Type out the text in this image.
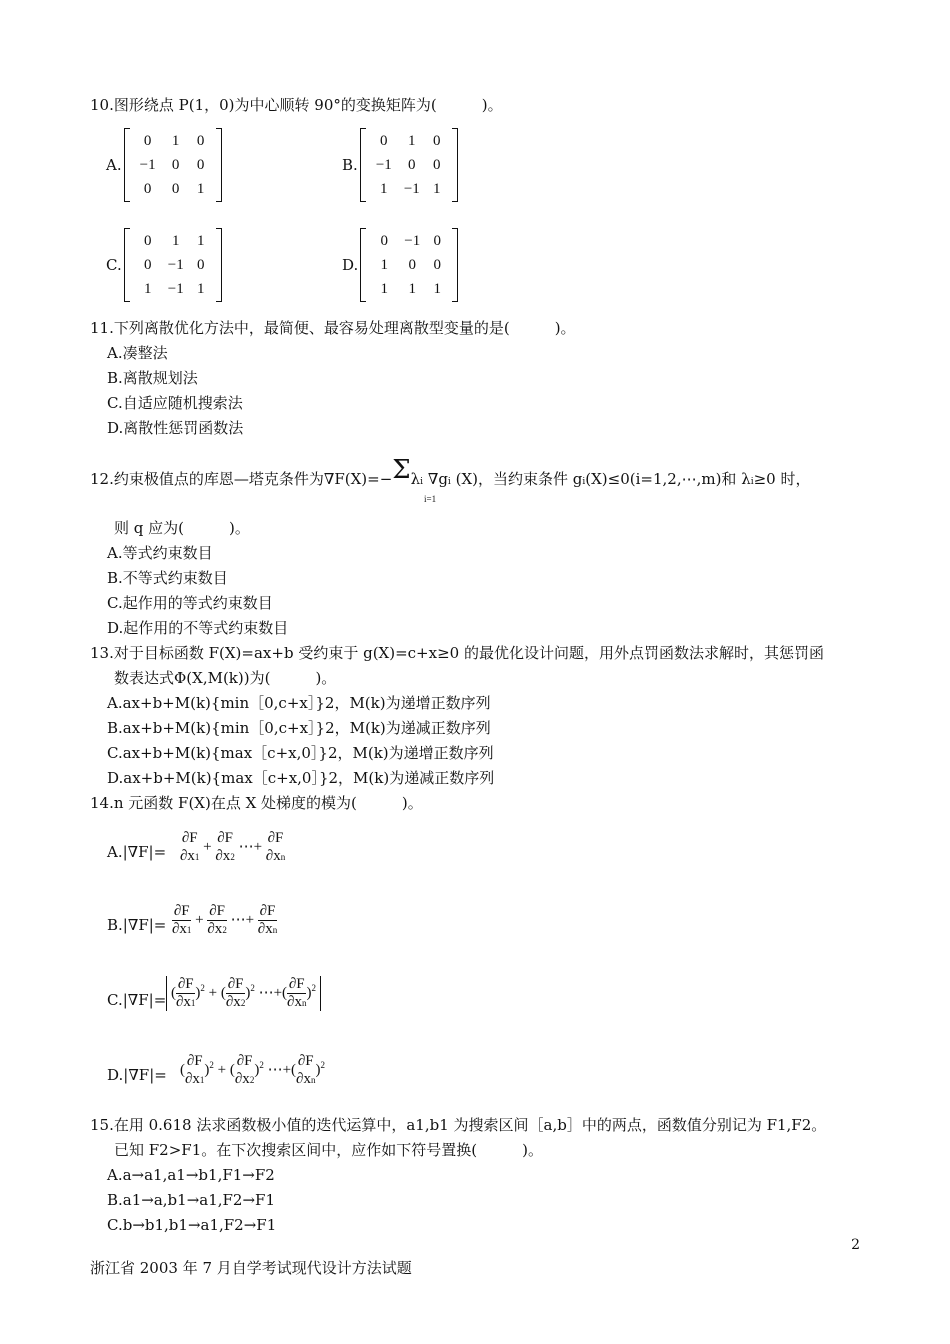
10.图形绕点 P(1，0)为中心顺转 90°的变换矩阵为(　　　)。
A.
0	1	0
−1	0	0
0	0	1
B.
0	1	0
−1	0	0
1	−1 1
C.
0	1	1
0	−1 0
1	−1 1
D.
0	−1 0
1	0	0
1	1	1
11.下列离散优化方法中，最简便、最容易处理离散型变量的是(　　　)。
A.凑整法
B.离散规划法
C.自适应随机搜索法
D.离散性惩罚函数法
12.约束极值点的库恩—塔克条件为∇F(X)=−Σλi ∇gi (X)，当约束条件 gi(X)≤0(i=1,2,⋯,m)和 λi≥0 时，
i=1
则 q 应为(　　　)。
A.等式约束数目
B.不等式约束数目
C.起作用的等式约束数目
D.起作用的不等式约束数目
13.对于目标函数 F(X)=ax+b 受约束于 g(X)=c+x≥0 的最优化设计问题，用外点罚函数法求解时，其惩罚函
数表达式Φ(X,M(k))为(　　　)。
A.ax+b+M(k){min［0,c+x］}2，M(k)为递增正数序列
B.ax+b+M(k){min［0,c+x］}2，M(k)为递减正数序列
C.ax+b+M(k){max［c+x,0］}2，M(k)为递增正数序列
D.ax+b+M(k){max［c+x,0］}2，M(k)为递减正数序列
14.n 元函数 F(X)在点 X 处梯度的模为(　　　)。
A.|∇F|=
∂F
∂x1 +
∂F
∂x2 ⋯+
∂F
∂xn
B.|∇F|=
∂F
∂x1 +
∂F
∂x2 ⋯+
∂F
∂xn
C.|∇F|= (
∂F
∂x1)$^2$ + (
∂F
∂x2)$^2$ ⋯+(
∂F
∂xn)$^2$
D.|∇F|= (
∂F
∂x1)$^2$ + (
∂F
∂x2)$^2$ ⋯+(
∂F
∂xn)$^2$
15.在用 0.618 法求函数极小值的迭代运算中，a1,b1 为搜索区间［a,b］中的两点，函数值分别记为 F1,F2。
已知 F2>F1。在下次搜索区间中，应作如下符号置换(　　　)。
A.a→a1,a1→b1,F1→F2
B.a1→a,b1→a1,F2→F1
C.b→b1,b1→a1,F2→F1
2
浙江省 2003 年 7 月自学考试现代设计方法试题
